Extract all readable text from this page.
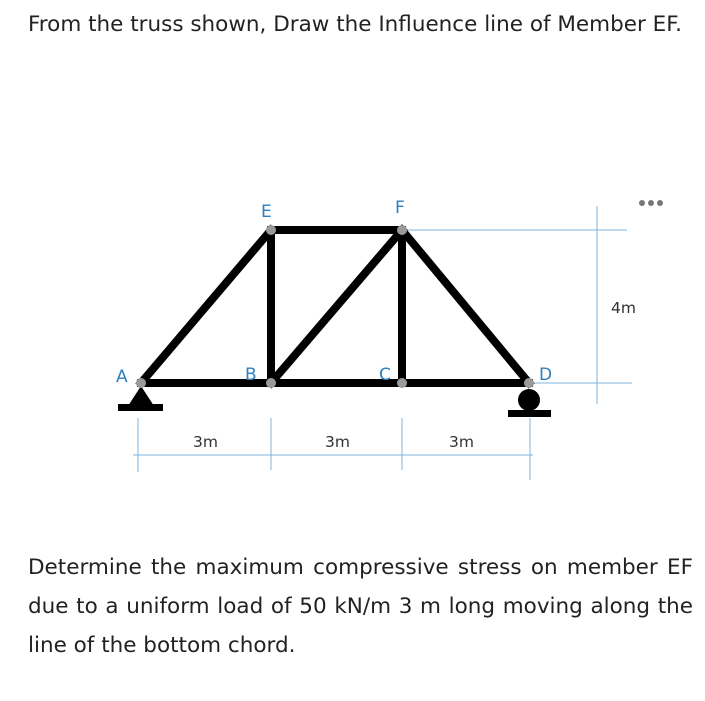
From the truss shown, Draw the Influence line of Member EF.

A	B	C	D
E	F
3m	3m	3m
4m

Determine the maximum compressive stress on member EF due to a uniform load of 50 kN/m 3 m long moving along the line of the bottom chord.
